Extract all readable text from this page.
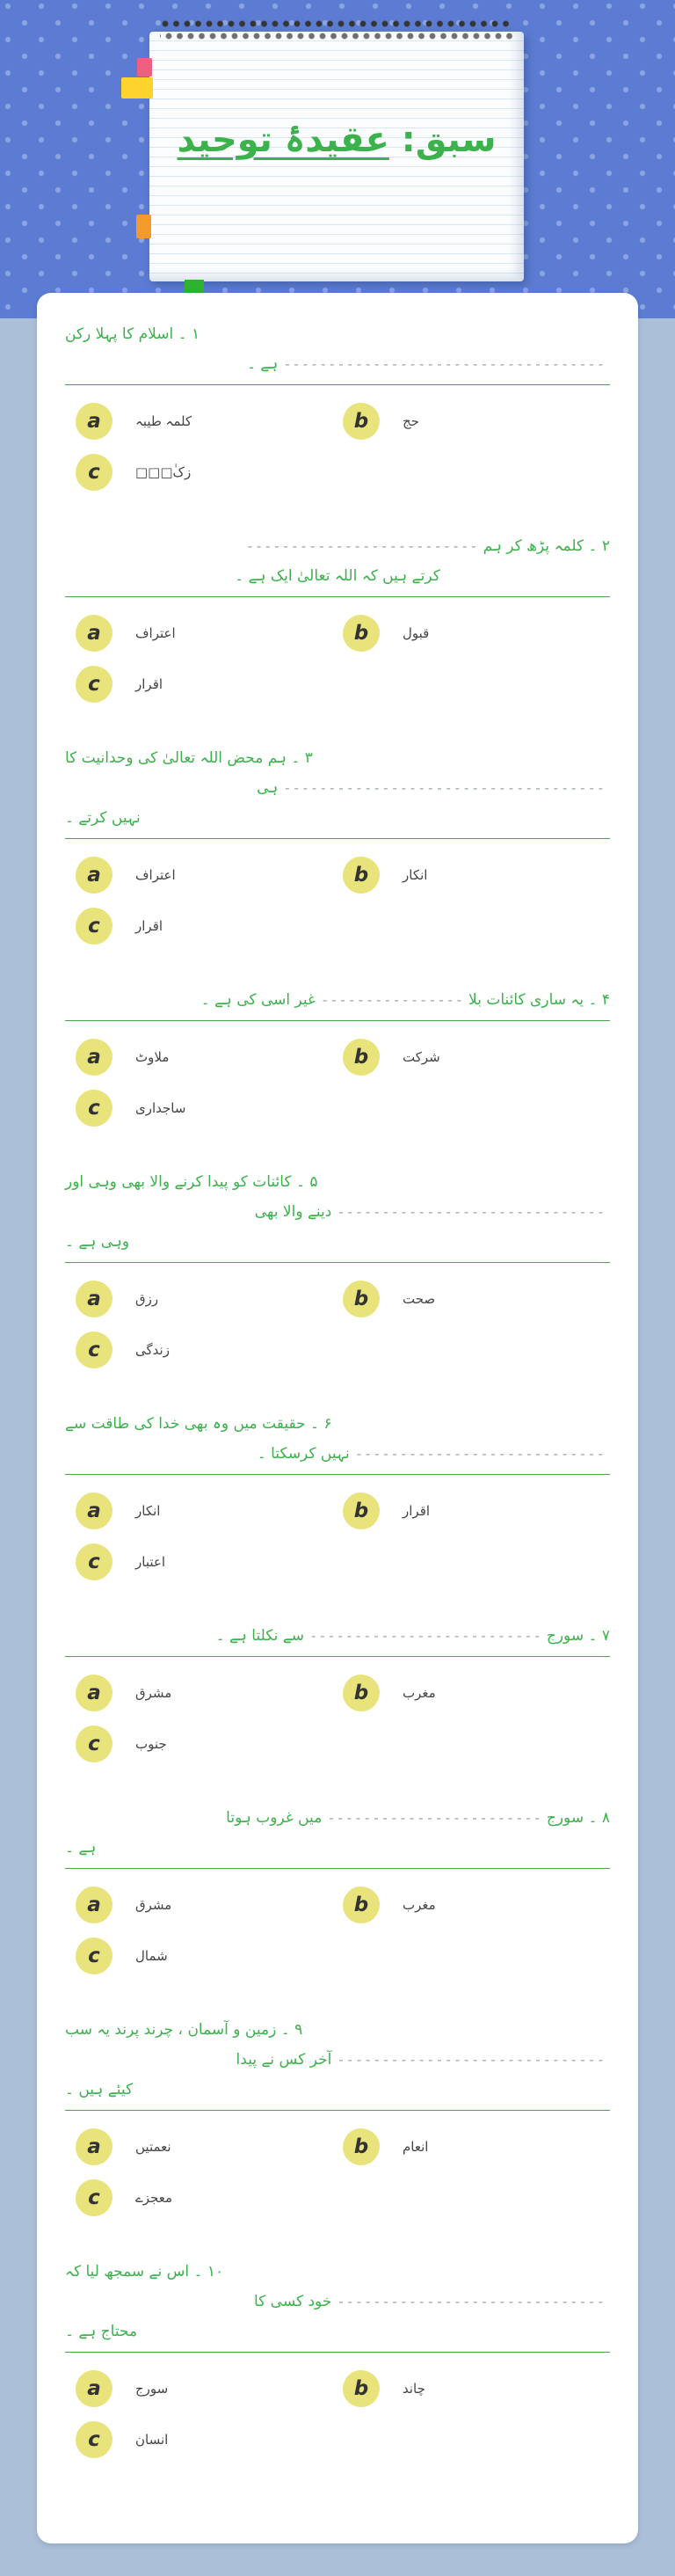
سبق: عقیدۂ توحید
۱ ۔ اسلام کا پہلا رکن
- - - - - - - - - - - - - - - - - - - - - - - - - - - - - - - - - - - -ہے ۔
a	کلمہ طیبہ	b	حج
c	زکٰ□□□
۲ ۔ کلمہ پڑھ کر ہم- - - - - - - - - - - - - - - - - - - - - - - - - -
کرتے ہیں کہ اللہ تعالیٰ ایک ہے ۔
a	اعتراف	b	قبول
c	اقرار
۳ ۔ ہم محض اللہ تعالیٰ کی وحدانیت کا
- - - - - - - - - - - - - - - - - - - - - - - - - - - - - - - - - - - -ہی
نہیں کرتے ۔
a	اعتراف	b	انکار
c	اقرار
۴ ۔ یہ ساری کائنات بلا- - - - - - - - - - - - - - - -غیر اسی کی ہے ۔
a	ملاوٹ	b	شرکت
c	ساجداری
۵ ۔ کائنات کو پیدا کرنے والا بھی وہی اور
- - - - - - - - - - - - - - - - - - - - - - - - - - - - - -دینے والا بھی
وہی ہے ۔
a	رزق	b	صحت
c	زندگی
۶ ۔ حقیقت میں وہ بھی خدا کی طاقت سے
- - - - - - - - - - - - - - - - - - - - - - - - - - - -نہیں کرسکتا ۔
a	انکار	b	اقرار
c	اعتبار
۷ ۔ سورج- - - - - - - - - - - - - - - - - - - - - - - - - -سے نکلتا ہے ۔
a	مشرق	b	مغرب
c	جنوب
۸ ۔ سورج- - - - - - - - - - - - - - - - - - - - - - - -میں غروب ہوتا
ہے ۔
a	مشرق	b	مغرب
c	شمال
۹ ۔ زمین و آسمان ، چرند پرند یہ سب
- - - - - - - - - - - - - - - - - - - - - - - - - - - - - -آخر کس نے پیدا
کیئے ہیں ۔
a	نعمتیں	b	انعام
c	معجزے
۱۰ ۔ اس نے سمجھ لیا کہ
- - - - - - - - - - - - - - - - - - - - - - - - - - - - - -خود کسی کا
محتاج ہے ۔
a	سورج	b	چاند
c	انسان
